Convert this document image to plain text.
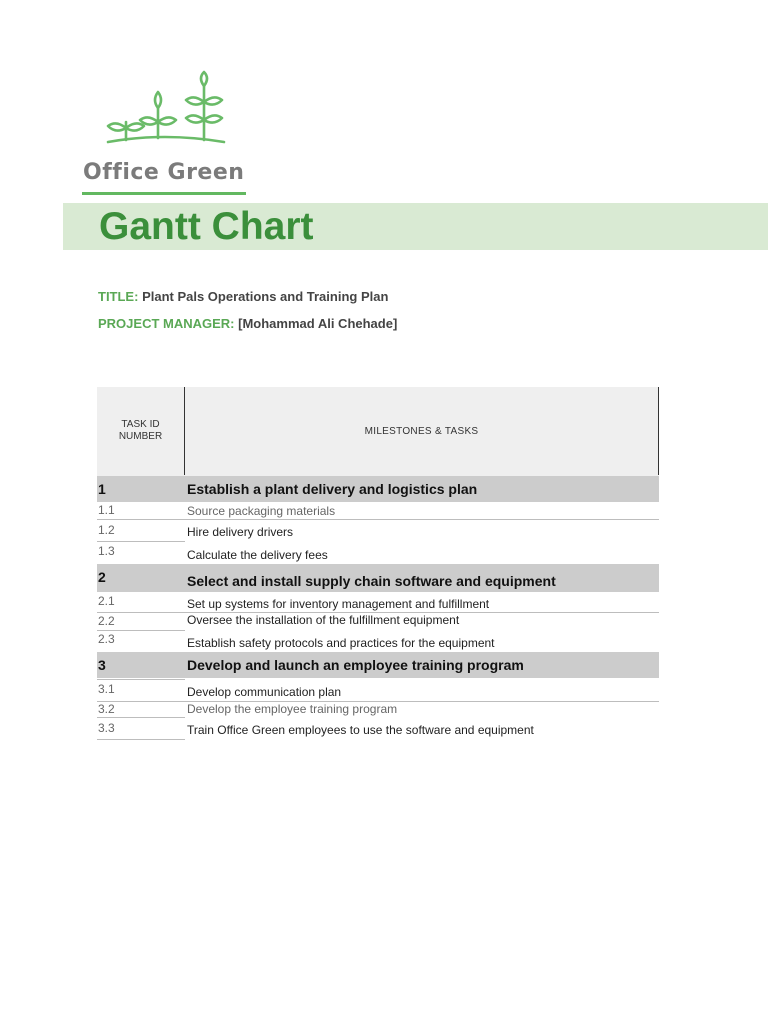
Office Green
Gantt Chart
TITLE: Plant Pals Operations and Training Plan
PROJECT MANAGER: [Mohammad Ali Chehade]
TASK ID
NUMBER	MILESTONES & TASKS
1	Establish a plant delivery and logistics plan
1.1	Source packaging materials
1.2	Hire delivery drivers
1.3	Calculate the delivery fees
2	Select and install supply chain software and equipment
2.1	Set up systems for inventory management and fulfillment
2.2	Oversee the installation of the fulfillment equipment
2.3	Establish safety protocols and practices for the equipment
3	Develop and launch an employee training program
3.1	Develop communication plan
3.2	Develop the employee training program
3.3	Train Office Green employees to use the software and equipment
